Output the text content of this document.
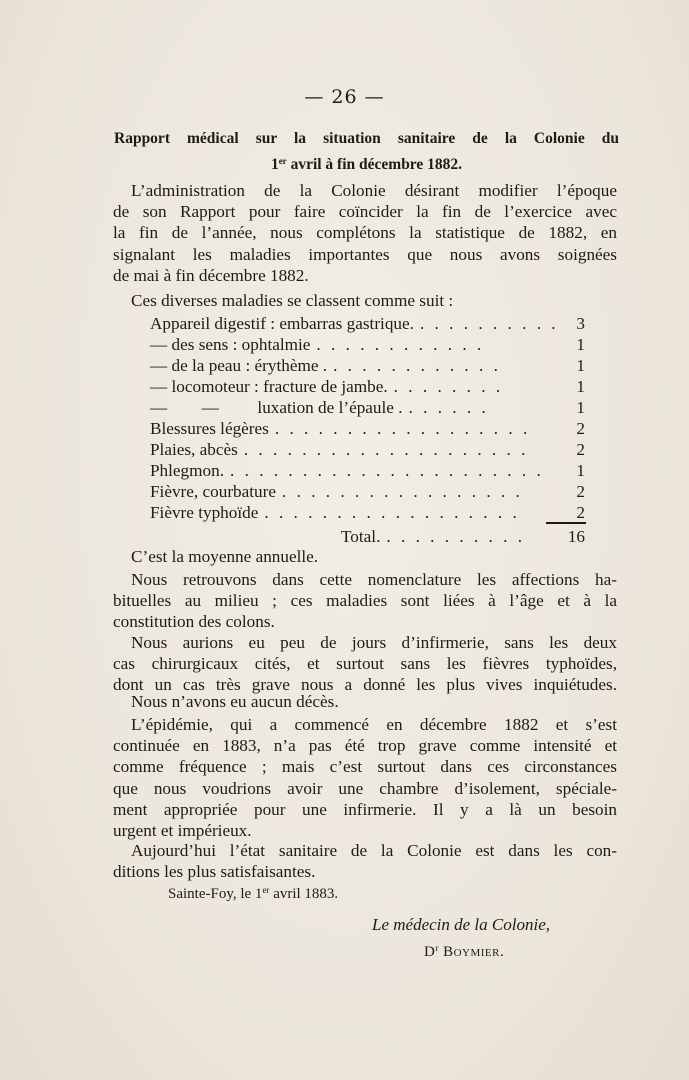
— 26 —
Rapport médical sur la situation sanitaire de la Colonie du
1er avril à fin décembre 1882.
L’administration de la Colonie désirant modifier l’époque
de son Rapport pour faire coïncider la fin de l’exercice avec
la fin de l’année, nous complétons la statistique de 1882, en
signalant les maladies importantes que nous avons soignées
de mai à fin décembre 1882.
Ces diverses maladies se classent comme suit :
Appareil digestif : embarras gastrique. . . . . . . . . . .	3
— des sens : ophtalmie . . . . . . . . . . . .	1
— de la peau : érythème . . . . . . . . . . . . .	1
— locomoteur : fracture de jambe. . . . . . . . .	1
—        —         luxation de l’épaule . . . . . . .	1
Blessures légères . . . . . . . . . . . . . . . . . .	2
Plaies, abcès . . . . . . . . . . . . . . . . . . . .	2
Phlegmon. . . . . . . . . . . . . . . . . . . . . . .	1
Fièvre, courbature . . . . . . . . . . . . . . . . .	2
Fièvre typhoïde . . . . . . . . . . . . . . . . . .	2
Total. . . . . . . . . . .	16
C’est la moyenne annuelle.
Nous retrouvons dans cette nomenclature les affections ha-
bituelles au milieu ; ces maladies sont liées à l’âge et à la
constitution des colons.
Nous aurions eu peu de jours d’infirmerie, sans les deux
cas chirurgicaux cités, et surtout sans les fièvres typhoïdes,
dont un cas très grave nous a donné les plus vives inquiétudes.
Nous n’avons eu aucun décès.
L’épidémie, qui a commencé en décembre 1882 et s’est
continuée en 1883, n’a pas été trop grave comme intensité et
comme fréquence ; mais c’est surtout dans ces circonstances
que nous voudrions avoir une chambre d’isolement, spéciale-
ment appropriée pour une infirmerie. Il y a là un besoin
urgent et impérieux.
Aujourd’hui l’état sanitaire de la Colonie est dans les con-
ditions les plus satisfaisantes.
Sainte-Foy, le 1er avril 1883.
Le médecin de la Colonie,
$D^r$ Boymier.
